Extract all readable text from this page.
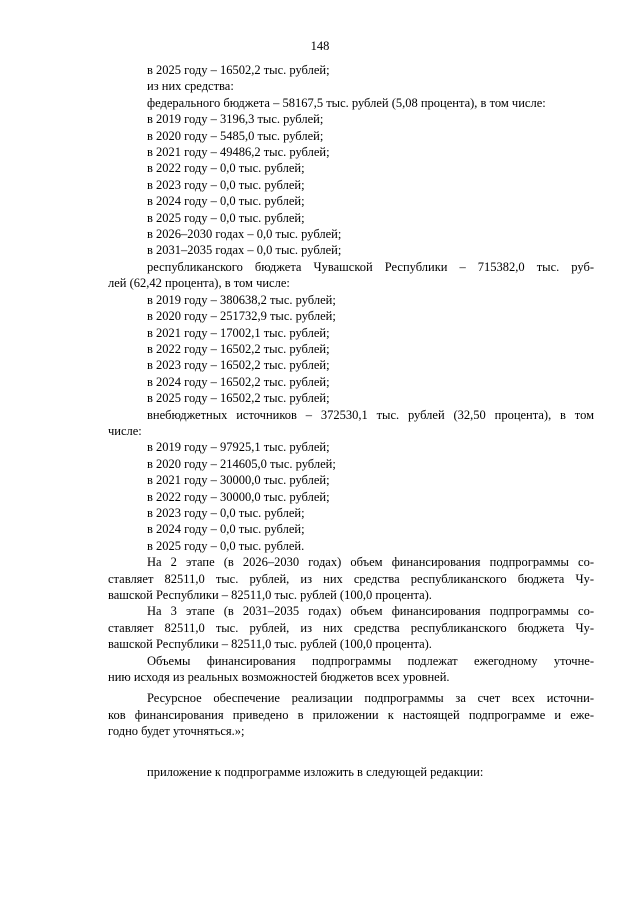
148
в 2025 году – 16502,2 тыс. рублей;
из них средства:
федерального бюджета – 58167,5 тыс. рублей (5,08 процента), в том числе:
в 2019 году – 3196,3 тыс. рублей;
в 2020 году – 5485,0 тыс. рублей;
в 2021 году – 49486,2 тыс. рублей;
в 2022 году – 0,0 тыс. рублей;
в 2023 году – 0,0 тыс. рублей;
в 2024 году – 0,0 тыс. рублей;
в 2025 году – 0,0 тыс. рублей;
в 2026–2030 годах – 0,0 тыс. рублей;
в 2031–2035 годах – 0,0 тыс. рублей;
республиканского бюджета Чувашской Республики – 715382,0 тыс. руб-
лей (62,42 процента), в том числе:
в 2019 году – 380638,2 тыс. рублей;
в 2020 году – 251732,9 тыс. рублей;
в 2021 году – 17002,1 тыс. рублей;
в 2022 году – 16502,2 тыс. рублей;
в 2023 году – 16502,2 тыс. рублей;
в 2024 году – 16502,2 тыс. рублей;
в 2025 году – 16502,2 тыс. рублей;
внебюджетных источников – 372530,1 тыс. рублей (32,50 процента), в том
числе:
в 2019 году – 97925,1 тыс. рублей;
в 2020 году – 214605,0 тыс. рублей;
в 2021 году – 30000,0 тыс. рублей;
в 2022 году – 30000,0 тыс. рублей;
в 2023 году – 0,0 тыс. рублей;
в 2024 году – 0,0 тыс. рублей;
в 2025 году – 0,0 тыс. рублей.
На 2 этапе (в 2026–2030 годах) объем финансирования подпрограммы со-
ставляет 82511,0 тыс. рублей, из них средства республиканского бюджета Чу-
вашской Республики – 82511,0 тыс. рублей (100,0 процента).
На 3 этапе (в 2031–2035 годах) объем финансирования подпрограммы со-
ставляет 82511,0 тыс. рублей, из них средства республиканского бюджета Чу-
вашской Республики – 82511,0 тыс. рублей (100,0 процента).
Объемы финансирования подпрограммы подлежат ежегодному уточне-
нию исходя из реальных возможностей бюджетов всех уровней.
Ресурсное обеспечение реализации подпрограммы за счет всех источни-
ков финансирования приведено в приложении к настоящей подпрограмме и еже-
годно будет уточняться.»;
приложение к подпрограмме изложить в следующей редакции:
